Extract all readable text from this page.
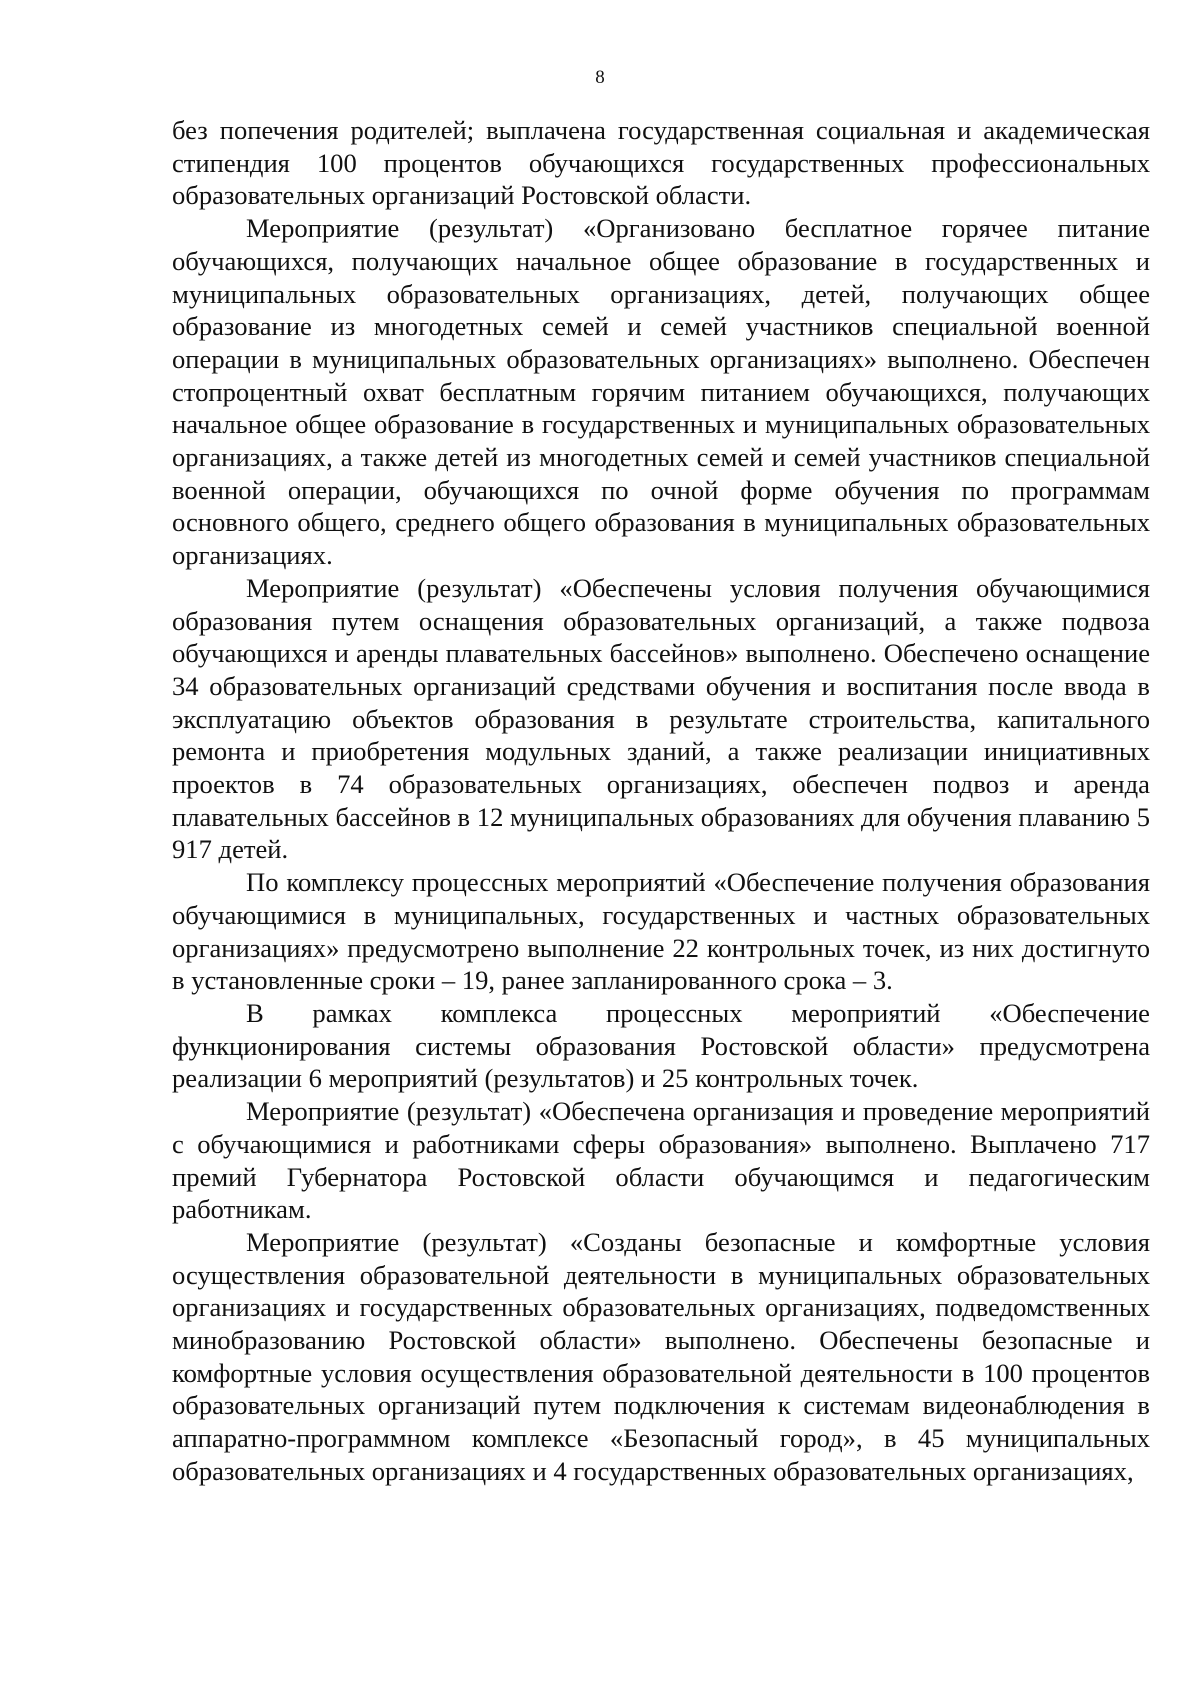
8

без попечения родителей; выплачена государственная социальная и академическая стипендия 100 процентов обучающихся государственных профессиональных образовательных организаций Ростовской области.

Мероприятие (результат) «Организовано бесплатное горячее питание обучающихся, получающих начальное общее образование в государственных и муниципальных образовательных организациях, детей, получающих общее образование из многодетных семей и семей участников специальной военной операции в муниципальных образовательных организациях» выполнено. Обеспечен стопроцентный охват бесплатным горячим питанием обучающихся, получающих начальное общее образование в государственных и муниципальных образовательных организациях, а также детей из многодетных семей и семей участников специальной военной операции, обучающихся по очной форме обучения по программам основного общего, среднего общего образования в муниципальных образовательных организациях.

Мероприятие (результат) «Обеспечены условия получения обучающимися образования путем оснащения образовательных организаций, а также подвоза обучающихся и аренды плавательных бассейнов» выполнено. Обеспечено оснащение 34 образовательных организаций средствами обучения и воспитания после ввода в эксплуатацию объектов образования в результате строительства, капитального ремонта и приобретения модульных зданий, а также реализации инициативных проектов в 74 образовательных организациях, обеспечен подвоз и аренда плавательных бассейнов в 12 муниципальных образованиях для обучения плаванию 5 917 детей.

По комплексу процессных мероприятий «Обеспечение получения образования обучающимися в муниципальных, государственных и частных образовательных организациях» предусмотрено выполнение 22 контрольных точек, из них достигнуто в установленные сроки – 19, ранее запланированного срока – 3.

В рамках комплекса процессных мероприятий «Обеспечение функционирования системы образования Ростовской области» предусмотрена реализации 6 мероприятий (результатов) и 25 контрольных точек.

Мероприятие (результат) «Обеспечена организация и проведение мероприятий с обучающимися и работниками сферы образования» выполнено. Выплачено 717 премий Губернатора Ростовской области обучающимся и педагогическим работникам.

Мероприятие (результат) «Созданы безопасные и комфортные условия осуществления образовательной деятельности в муниципальных образовательных организациях и государственных образовательных организациях, подведомственных минобразованию Ростовской области» выполнено. Обеспечены безопасные и комфортные условия осуществления образовательной деятельности в 100 процентов образовательных организаций путем подключения к системам видеонаблюдения в аппаратно-программном комплексе «Безопасный город», в 45 муниципальных образовательных организациях и 4 государственных образовательных организациях,
